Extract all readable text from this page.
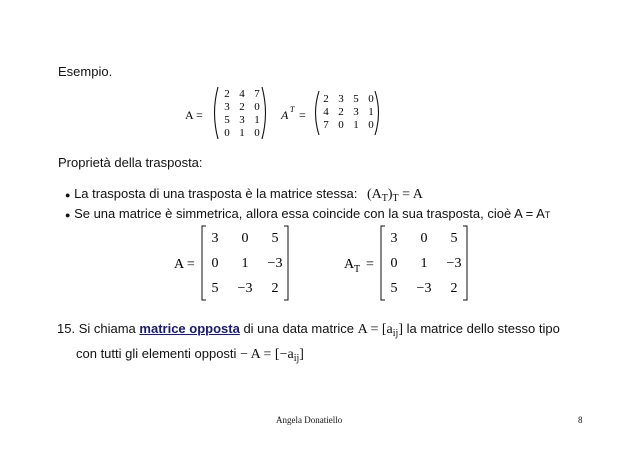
Esempio.
A =
2 4 7
3 2 0
5 3 1
0 1 0
A T =
2 3 5 0
4 2 3 1
7 0 1 0
Proprietà della trasposta:
● La trasposta di una trasposta è la matrice stessa: $(A_T)_T = A$
● Se una matrice è simmetrica, allora essa coincide con la sua trasposta, cioè A = AT
A =
3 0 5
0 1 −3
5 −3 2
A T =
3 0 5
0 1 −3
5 −3 2
15. Si chiama matrice opposta di una data matrice $A = [a_{ij}]$ la matrice dello stesso tipo
con tutti gli elementi opposti − $A = [-a_{ij}]$
Angela Donatiello	8
